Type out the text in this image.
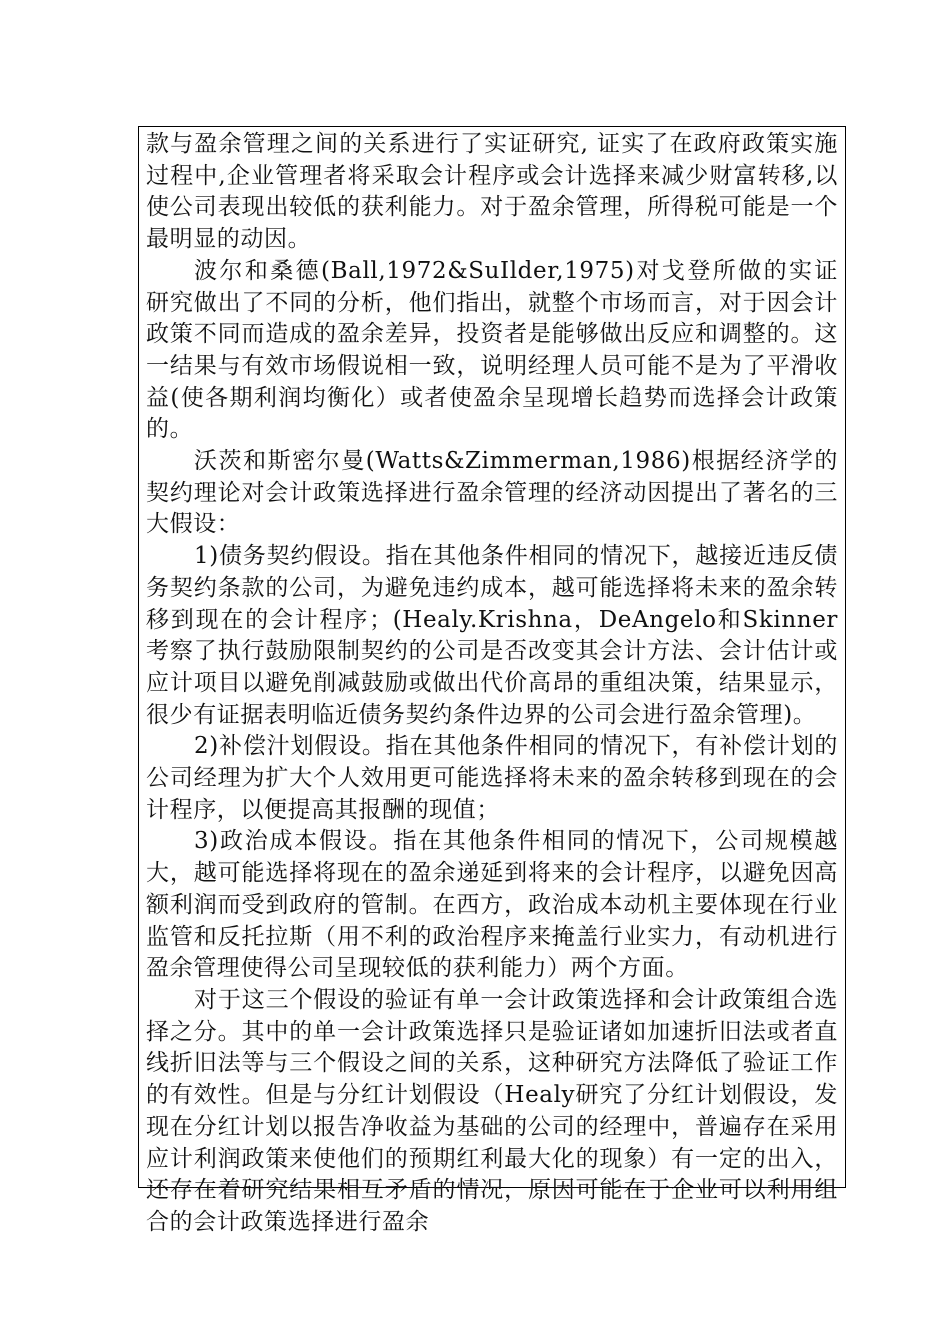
款与盈余管理之间的关系进行了实证研究, 证实了在政府政策实施过程中,企业管理者将采取会计程序或会计选择来减少财富转移,以使公司表现出较低的获利能力。对于盈余管理，所得税可能是一个最明显的动因。

波尔和桑德(Ball,1972&SuIlder,1975)对戈登所做的实证研究做出了不同的分析，他们指出，就整个市场而言，对于因会计政策不同而造成的盈余差异，投资者是能够做出反应和调整的。这一结果与有效市场假说相一致，说明经理人员可能不是为了平滑收益(使各期利润均衡化）或者使盈余呈现增长趋势而选择会计政策的。

沃茨和斯密尔曼(Watts&Zimmerman,1986)根据经济学的契约理论对会计政策选择进行盈余管理的经济动因提出了著名的三大假设：

1)债务契约假设。指在其他条件相同的情况下，越接近违反债务契约条款的公司，为避免违约成本，越可能选择将未来的盈余转移到现在的会计程序；(Healy.Krishna，DeAngelo和Skinner考察了执行鼓励限制契约的公司是否改变其会计方法、会计估计或应计项目以避免削减鼓励或做出代价高昂的重组决策，结果显示，很少有证据表明临近债务契约条件边界的公司会进行盈余管理)。

2)补偿汁划假设。指在其他条件相同的情况下，有补偿计划的公司经理为扩大个人效用更可能选择将未来的盈余转移到现在的会计程序，以便提高其报酬的现值；

3)政治成本假设。指在其他条件相同的情况下，公司规模越大，越可能选择将现在的盈余递延到将来的会计程序，以避免因高额利润而受到政府的管制。在西方，政治成本动机主要体现在行业监管和反托拉斯（用不利的政治程序来掩盖行业实力，有动机进行盈余管理使得公司呈现较低的获利能力）两个方面。

对于这三个假设的验证有单一会计政策选择和会计政策组合选择之分。其中的单一会计政策选择只是验证诸如加速折旧法或者直线折旧法等与三个假设之间的关系，这种研究方法降低了验证工作的有效性。但是与分红计划假设（Healy研究了分红计划假设，发现在分红计划以报告净收益为基础的公司的经理中，普遍存在采用应计利润政策来使他们的预期红利最大化的现象）有一定的出入，还存在着研究结果相互矛盾的情况，原因可能在于企业可以利用组合的会计政策选择进行盈余
